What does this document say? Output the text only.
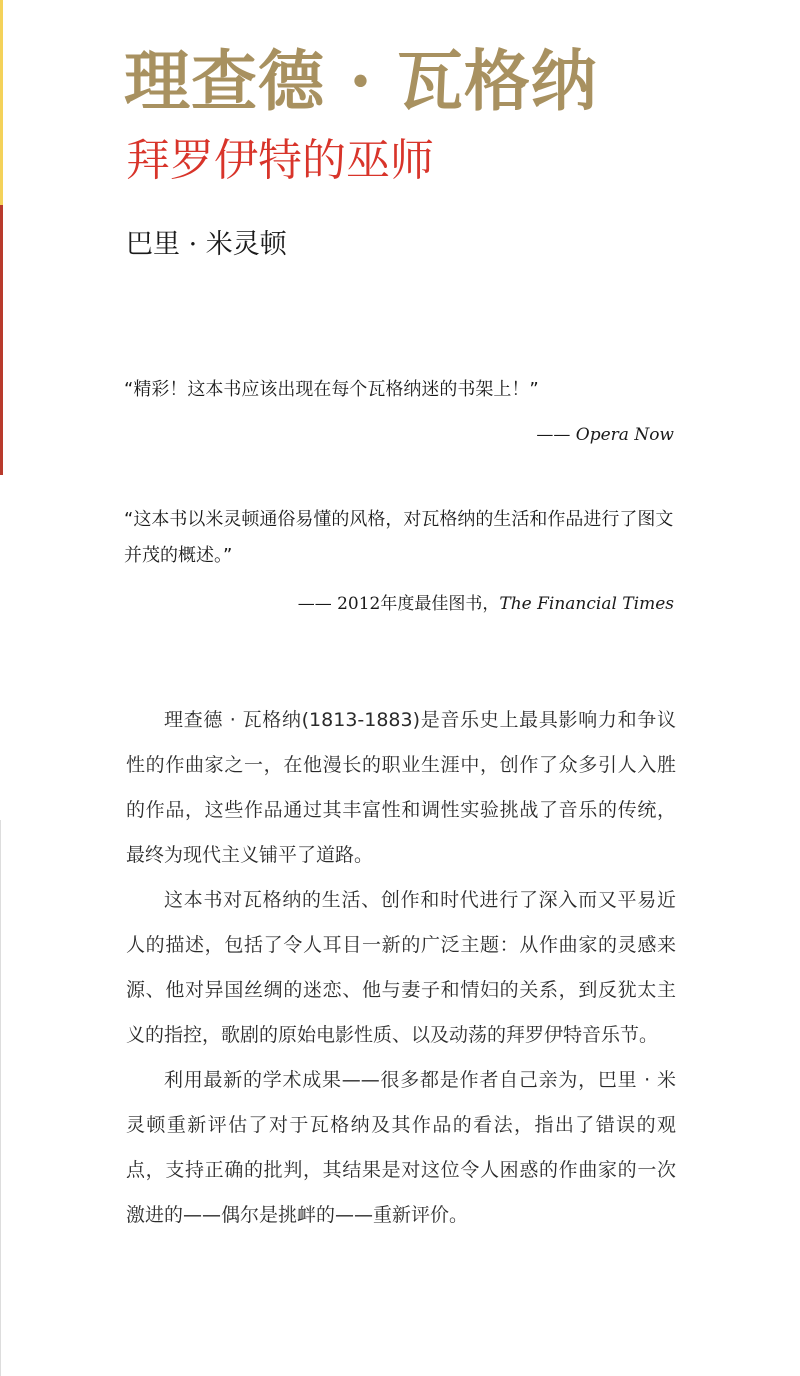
理查德 · 瓦格纳
拜罗伊特的巫师
巴里 · 米灵顿

“精彩！这本书应该出现在每个瓦格纳迷的书架上！”

—— Opera Now

“这本书以米灵顿通俗易懂的风格，对瓦格纳的生活和作品进行了图文并茂的概述。”

—— 2012年度最佳图书，The Financial Times

理查德 · 瓦格纳(1813-1883)是音乐史上最具影响力和争议性的作曲家之一，在他漫长的职业生涯中，创作了众多引人入胜的作品，这些作品通过其丰富性和调性实验挑战了音乐的传统，最终为现代主义铺平了道路。

这本书对瓦格纳的生活、创作和时代进行了深入而又平易近人的描述，包括了令人耳目一新的广泛主题：从作曲家的灵感来源、他对异国丝绸的迷恋、他与妻子和情妇的关系，到反犹太主义的指控，歌剧的原始电影性质、以及动荡的拜罗伊特音乐节。

利用最新的学术成果——很多都是作者自己亲为，巴里 · 米灵顿重新评估了对于瓦格纳及其作品的看法，指出了错误的观点，支持正确的批判，其结果是对这位令人困惑的作曲家的一次激进的——偶尔是挑衅的——重新评价。
